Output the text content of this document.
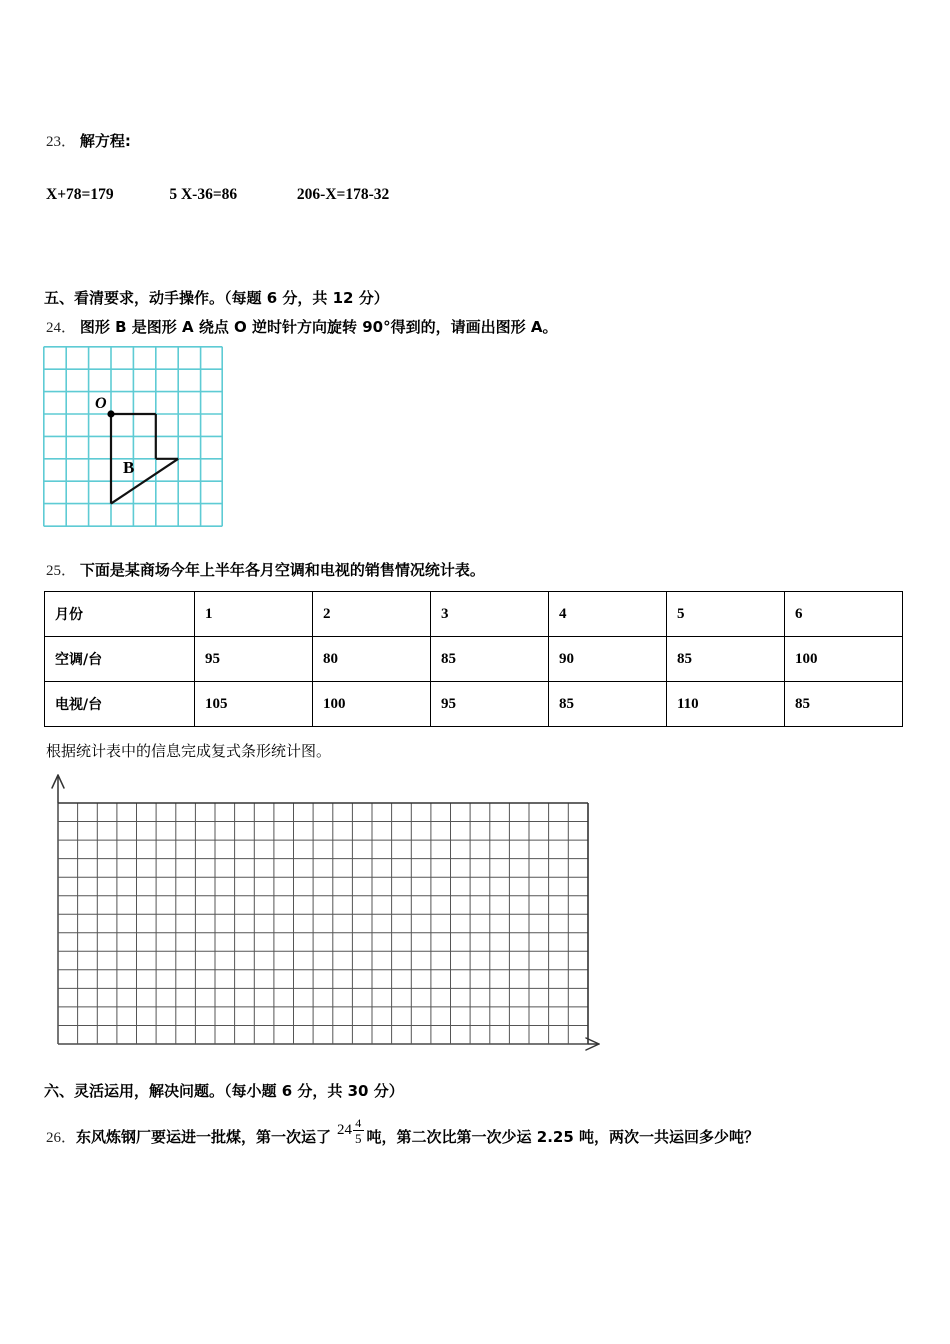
23． 解方程:
X+78=179	5 X-36=86	206-X=178-32
五、看清要求，动手操作。（每题 6 分，共 12 分）
24． 图形 B 是图形 A 绕点 O 逆时针方向旋转 90°得到的，请画出图形 A。
O
B
25． 下面是某商场今年上半年各月空调和电视的销售情况统计表。
月份	1	2	3	4	5	6
空调/台	95	80	85	90	85	100
电视/台	105	100	95	85	110	85
根据统计表中的信息完成复式条形统计图。
六、灵活运用，解决问题。（每小题 6 分，共 30 分）
26． 东风炼钢厂要运进一批煤，第一次运了 $24 \frac{4}{5}$ 吨，第二次比第一次少运 2.25 吨，两次一共运回多少吨？
